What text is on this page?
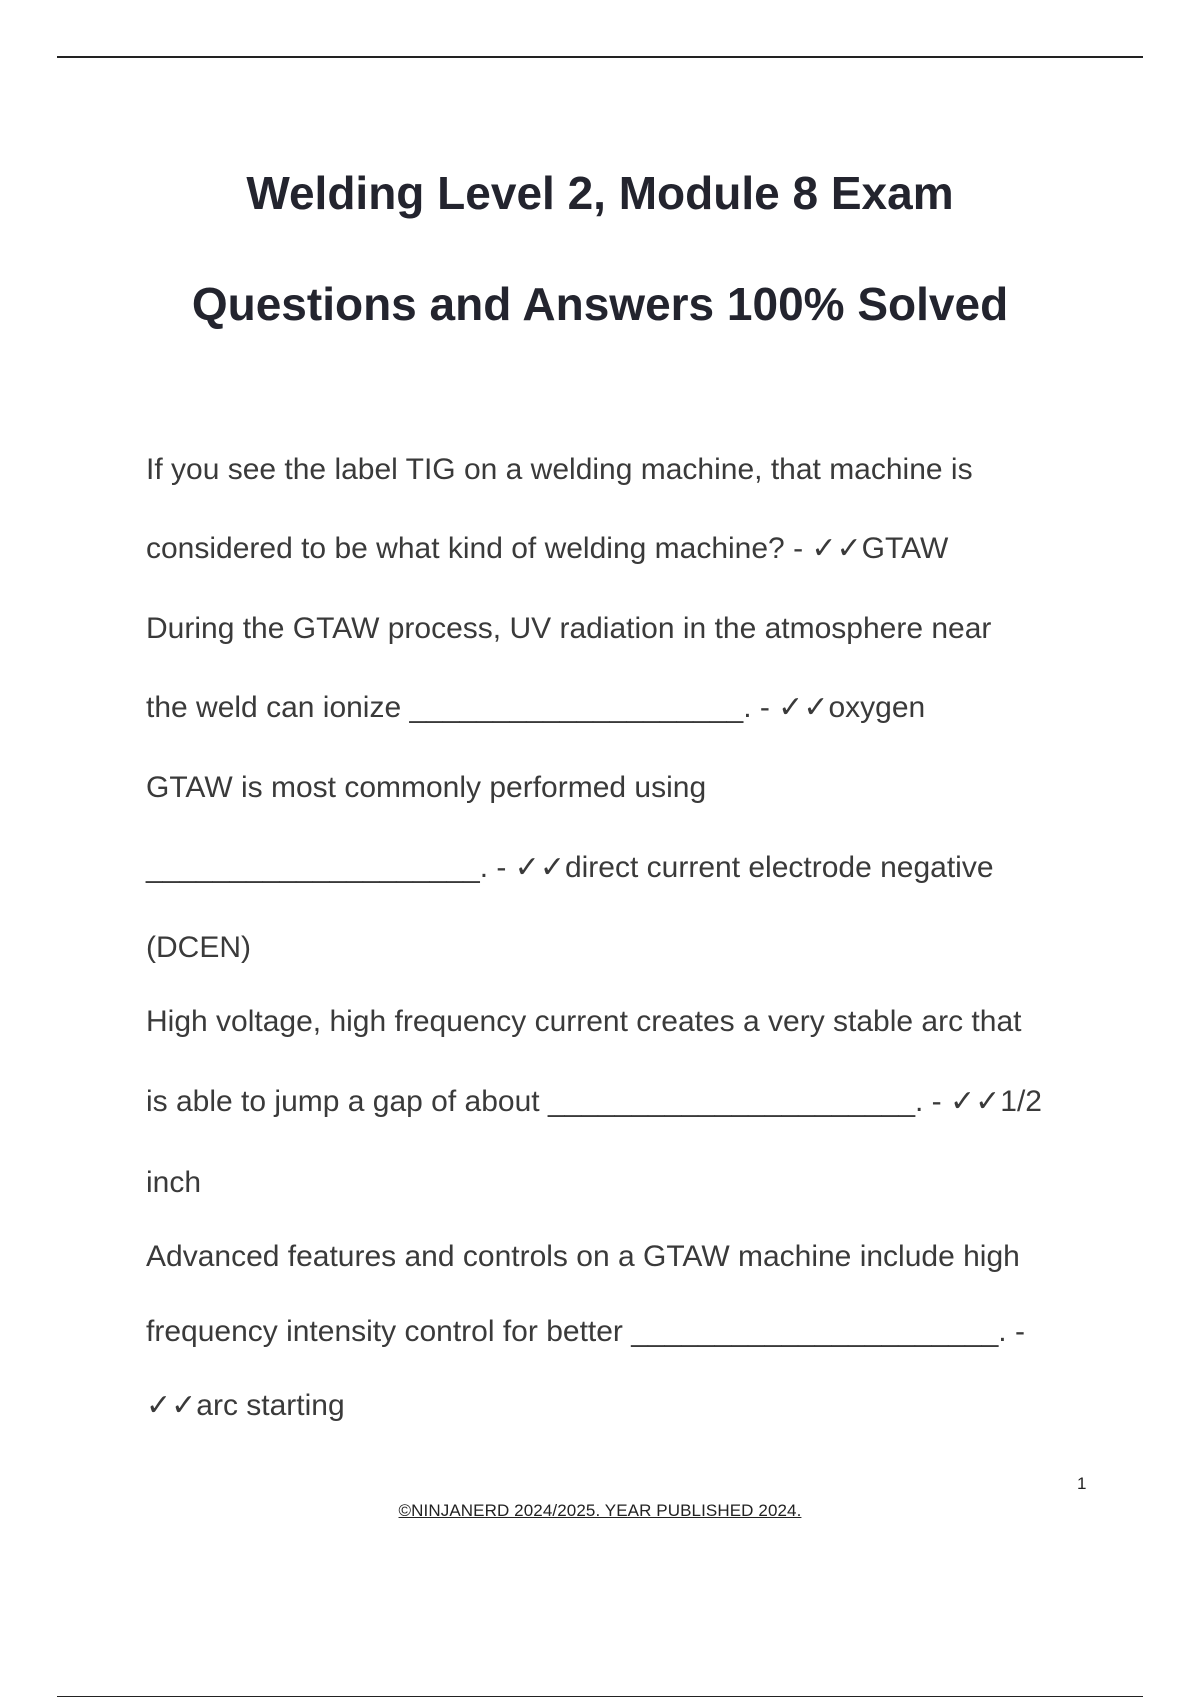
Welding Level 2, Module 8 Exam
Questions and Answers 100% Solved
If you see the label TIG on a welding machine, that machine is
considered to be what kind of welding machine? - ✓✓GTAW
During the GTAW process, UV radiation in the atmosphere near
the weld can ionize ____________________. - ✓✓oxygen
GTAW is most commonly performed using
____________________. - ✓✓direct current electrode negative
(DCEN)
High voltage, high frequency current creates a very stable arc that
is able to jump a gap of about ______________________. - ✓✓1/2
inch
Advanced features and controls on a GTAW machine include high
frequency intensity control for better ______________________. -
✓✓arc starting
1
©NINJANERD 2024/2025. YEAR PUBLISHED 2024.
